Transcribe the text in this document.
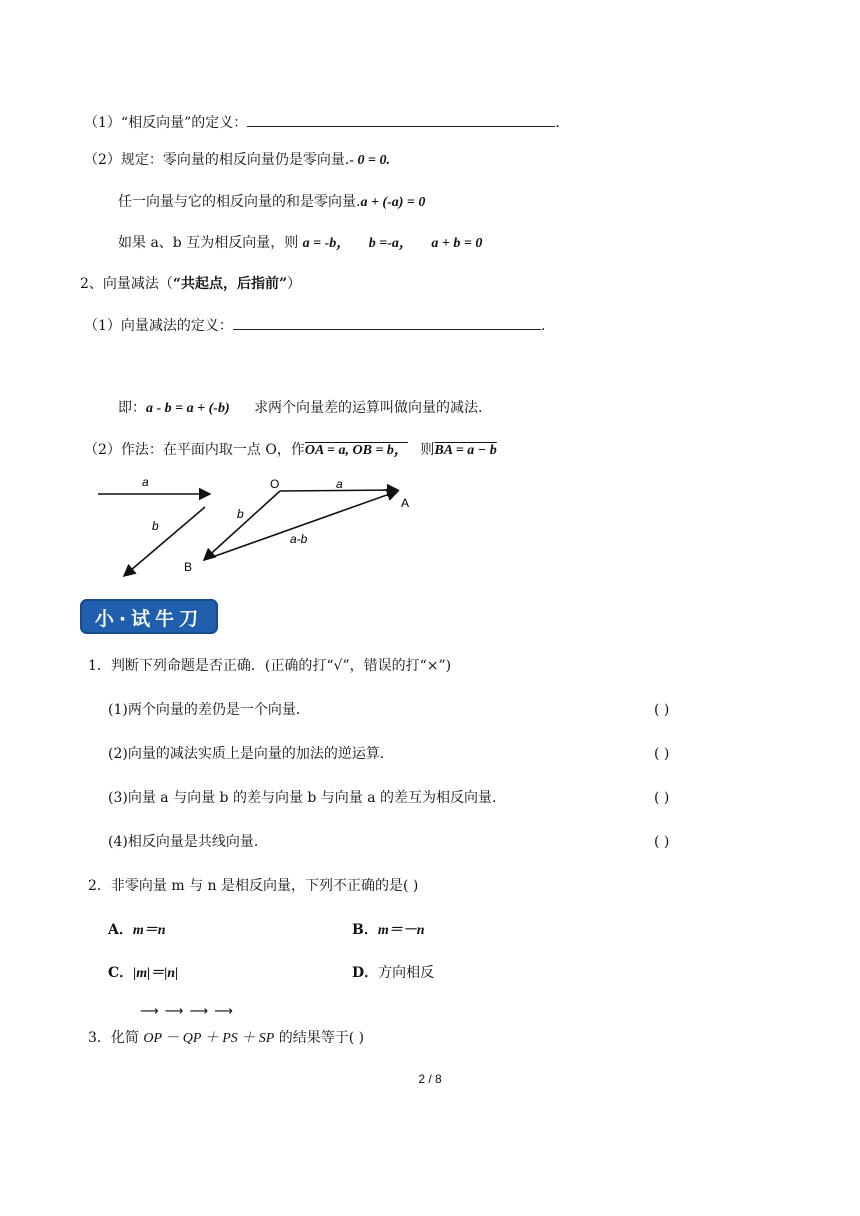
（1）“相反向量”的定义：	.
（2）规定：零向量的相反向量仍是零向量.- 0 = 0.
任一向量与它的相反向量的和是零向量.a + (-a) = 0
如果 a、b 互为相反向量，则 a = -b， b =-a， a + b = 0
2、向量减法（“共起点，后指前”）
（1）向量减法的定义：	.
即：a - b = a + (-b) 求两个向量差的运算叫做向量的减法.
（2）作法：在平面内取一点 O，作OA = a, OB = b， 则BA = a − b
a
b
O	a
A
b
a-b
B
小·试牛刀
1．判断下列命题是否正确．(正确的打“√”，错误的打“×”)
(1)两个向量的差仍是一个向量．	( )
(2)向量的减法实质上是向量的加法的逆运算．	( )
(3)向量 a 与向量 b 的差与向量 b 与向量 a 的差互为相反向量．	( )
(4)相反向量是共线向量．	( )
2．非零向量 m 与 n 是相反向量，下列不正确的是( )
A．m＝n	B．m＝－n
C．|m|＝|n|	D．方向相反
⟶ ⟶ ⟶ ⟶
3．化简 OP － QP ＋ PS ＋ SP 的结果等于( )
2 / 8
